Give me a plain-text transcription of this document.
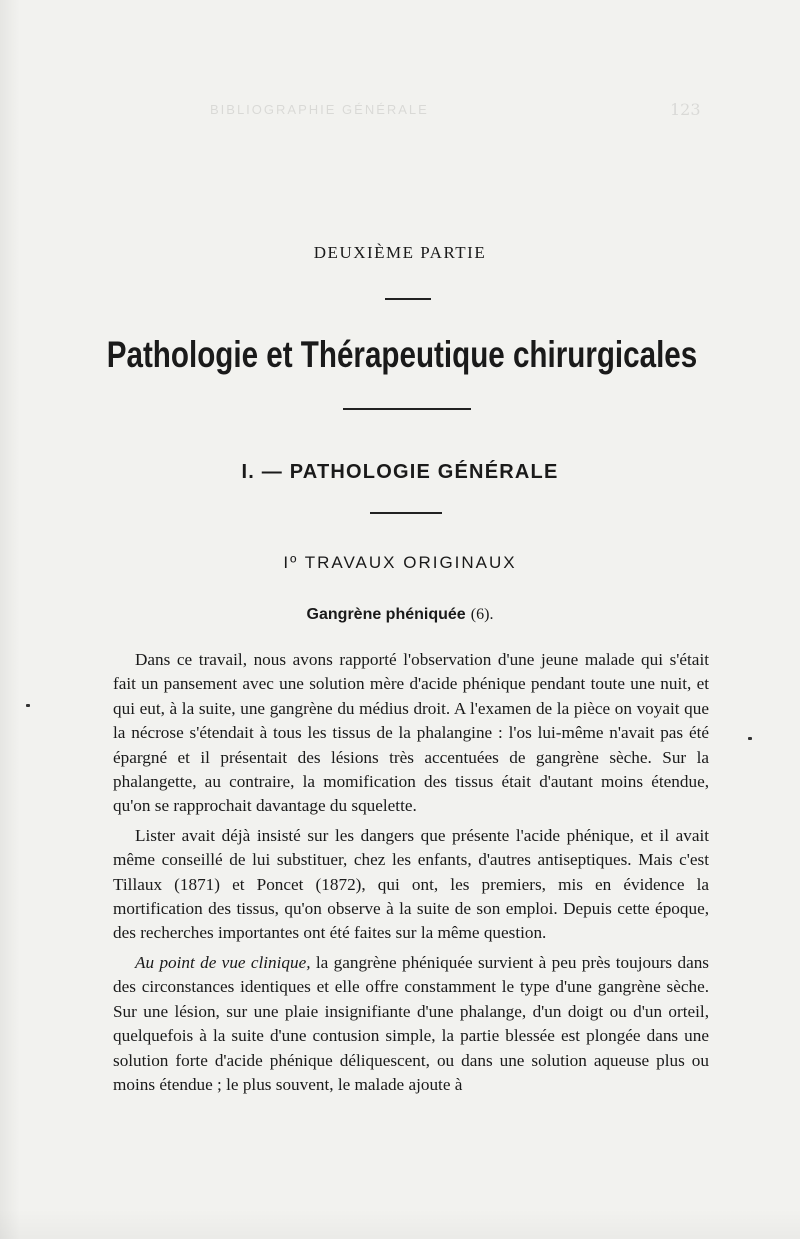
BIBLIOGRAPHIE GÉNÉRALE	123
DEUXIÈME PARTIE
Pathologie et Thérapeutique chirurgicales
I. — PATHOLOGIE GÉNÉRALE
Iº TRAVAUX ORIGINAUX
Gangrène phéniquée (6).

Dans ce travail, nous avons rapporté l'observation d'une jeune malade qui s'était fait un pansement avec une solution mère d'acide phénique pendant toute une nuit, et qui eut, à la suite, une gangrène du médius droit. A l'examen de la pièce on voyait que la nécrose s'étendait à tous les tissus de la phalangine : l'os lui-même n'avait pas été épargné et il présentait des lésions très accentuées de gangrène sèche. Sur la phalangette, au contraire, la momification des tissus était d'autant moins étendue, qu'on se rapprochait davantage du squelette.

Lister avait déjà insisté sur les dangers que présente l'acide phénique, et il avait même conseillé de lui substituer, chez les enfants, d'autres antiseptiques. Mais c'est Tillaux (1871) et Poncet (1872), qui ont, les premiers, mis en évidence la mortification des tissus, qu'on observe à la suite de son emploi. Depuis cette époque, des recherches importantes ont été faites sur la même question.

Au point de vue clinique, la gangrène phéniquée survient à peu près toujours dans des circonstances identiques et elle offre constamment le type d'une gangrène sèche. Sur une lésion, sur une plaie insignifiante d'une phalange, d'un doigt ou d'un orteil, quelquefois à la suite d'une contusion simple, la partie blessée est plongée dans une solution forte d'acide phénique déliquescent, ou dans une solution aqueuse plus ou moins étendue ; le plus souvent, le malade ajoute à
